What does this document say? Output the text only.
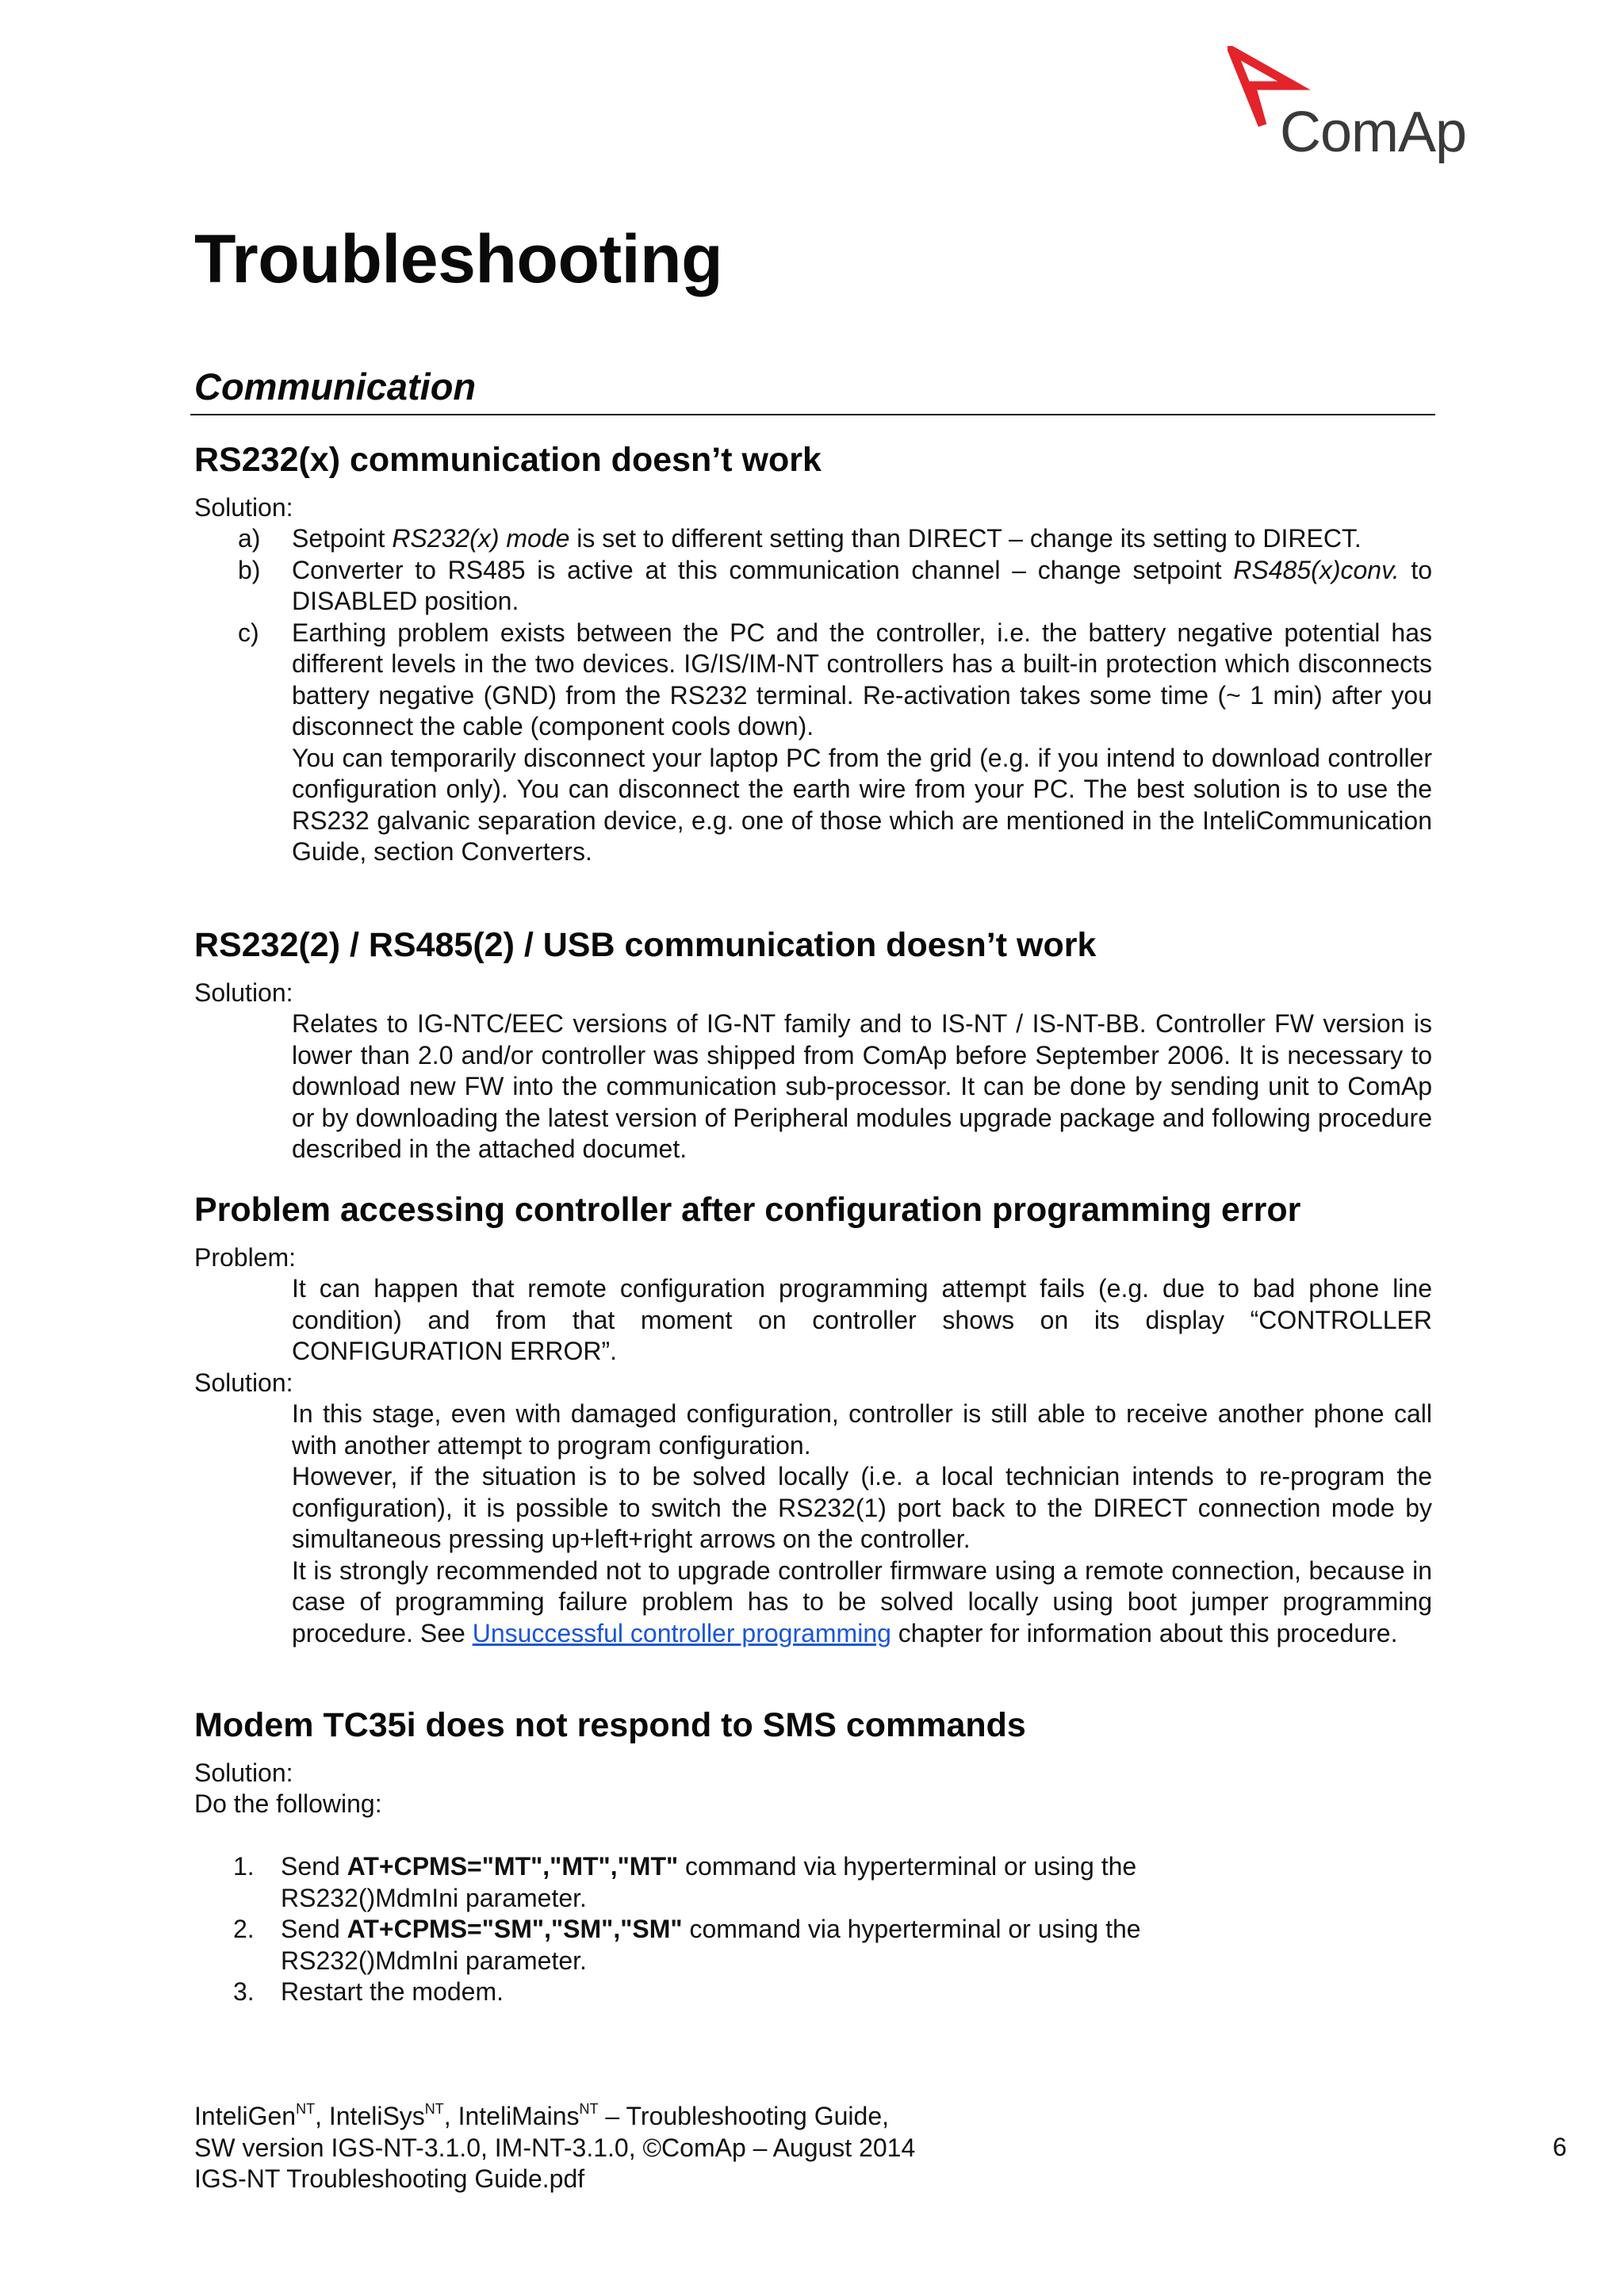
ComAp
Troubleshooting
Communication
RS232(x) communication doesn’t work

Solution:

a) Setpoint RS232(x) mode is set to different setting than DIRECT – change its setting to DIRECT.
b) Converter to RS485 is active at this communication channel – change setpoint RS485(x)conv. to DISABLED position.
c) Earthing problem exists between the PC and the controller, i.e. the battery negative potential has different levels in the two devices. IG/IS/IM-NT controllers has a built-in protection which disconnects battery negative (GND) from the RS232 terminal. Re-activation takes some time (~ 1 min) after you disconnect the cable (component cools down).
You can temporarily disconnect your laptop PC from the grid (e.g. if you intend to download controller configuration only). You can disconnect the earth wire from your PC. The best solution is to use the RS232 galvanic separation device, e.g. one of those which are mentioned in the InteliCommunication Guide, section Converters.
RS232(2) / RS485(2) / USB communication doesn’t work

Solution:

Relates to IG-NTC/EEC versions of IG-NT family and to IS-NT / IS-NT-BB. Controller FW version is lower than 2.0 and/or controller was shipped from ComAp before September 2006. It is necessary to download new FW into the communication sub-processor. It can be done by sending unit to ComAp or by downloading the latest version of Peripheral modules upgrade package and following procedure described in the attached documet.

Problem accessing controller after configuration programming error

Problem:

It can happen that remote configuration programming attempt fails (e.g. due to bad phone line condition) and from that moment on controller shows on its display “CONTROLLER CONFIGURATION ERROR”.

Solution:

In this stage, even with damaged configuration, controller is still able to receive another phone call with another attempt to program configuration.
However, if the situation is to be solved locally (i.e. a local technician intends to re-program the configuration), it is possible to switch the RS232(1) port back to the DIRECT connection mode by simultaneous pressing up+left+right arrows on the controller.
It is strongly recommended not to upgrade controller firmware using a remote connection, because in case of programming failure problem has to be solved locally using boot jumper programming procedure. See Unsuccessful controller programming chapter for information about this procedure.
Modem TC35i does not respond to SMS commands

Solution:

Do the following:

1. Send AT+CPMS="MT","MT","MT" command via hyperterminal or using the RS232()MdmIni parameter.
2. Send AT+CPMS="SM","SM","SM" command via hyperterminal or using the RS232()MdmIni parameter.
3. Restart the modem.
InteliGen$^{NT}$, InteliSys$^{NT}$, InteliMains$^{NT}$ – Troubleshooting Guide,
SW version IGS-NT-3.1.0, IM-NT-3.1.0, ©ComAp – August 2014
IGS-NT Troubleshooting Guide.pdf
6
